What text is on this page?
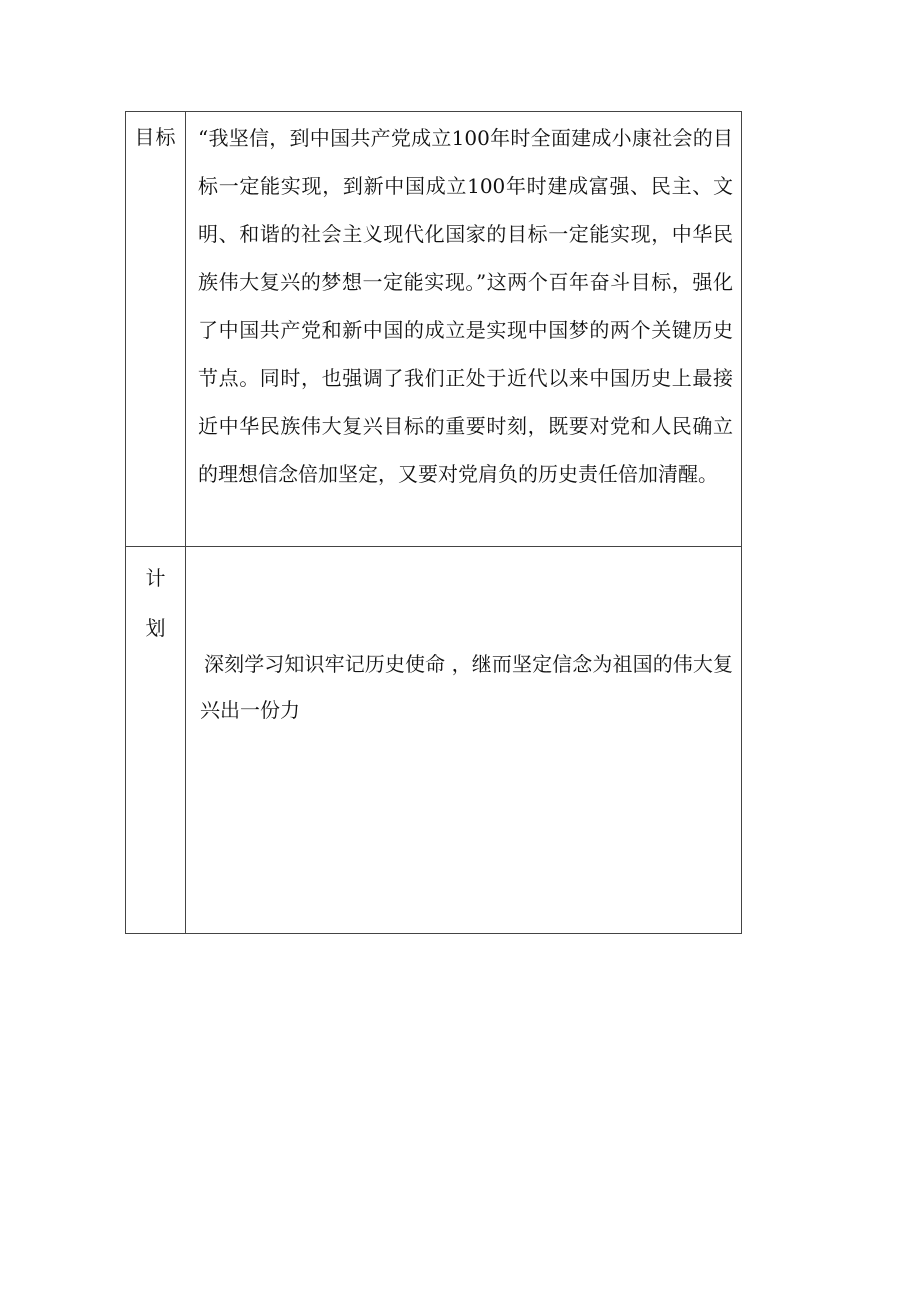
目标	“我坚信，到中国共产党成立100年时全面建成小康社会的目标一定能实现，到新中国成立100年时建成富强、民主、文明、和谐的社会主义现代化国家的目标一定能实现，中华民族伟大复兴的梦想一定能实现。”这两个百年奋斗目标，强化了中国共产党和新中国的成立是实现中国梦的两个关键历史节点。同时，也强调了我们正处于近代以来中国历史上最接近中华民族伟大复兴目标的重要时刻，既要对党和人民确立的理想信念倍加坚定，又要对党肩负的历史责任倍加清醒。

计
划	深刻学习知识牢记历史使命 ，继而坚定信念为祖国的伟大复兴出一份力
